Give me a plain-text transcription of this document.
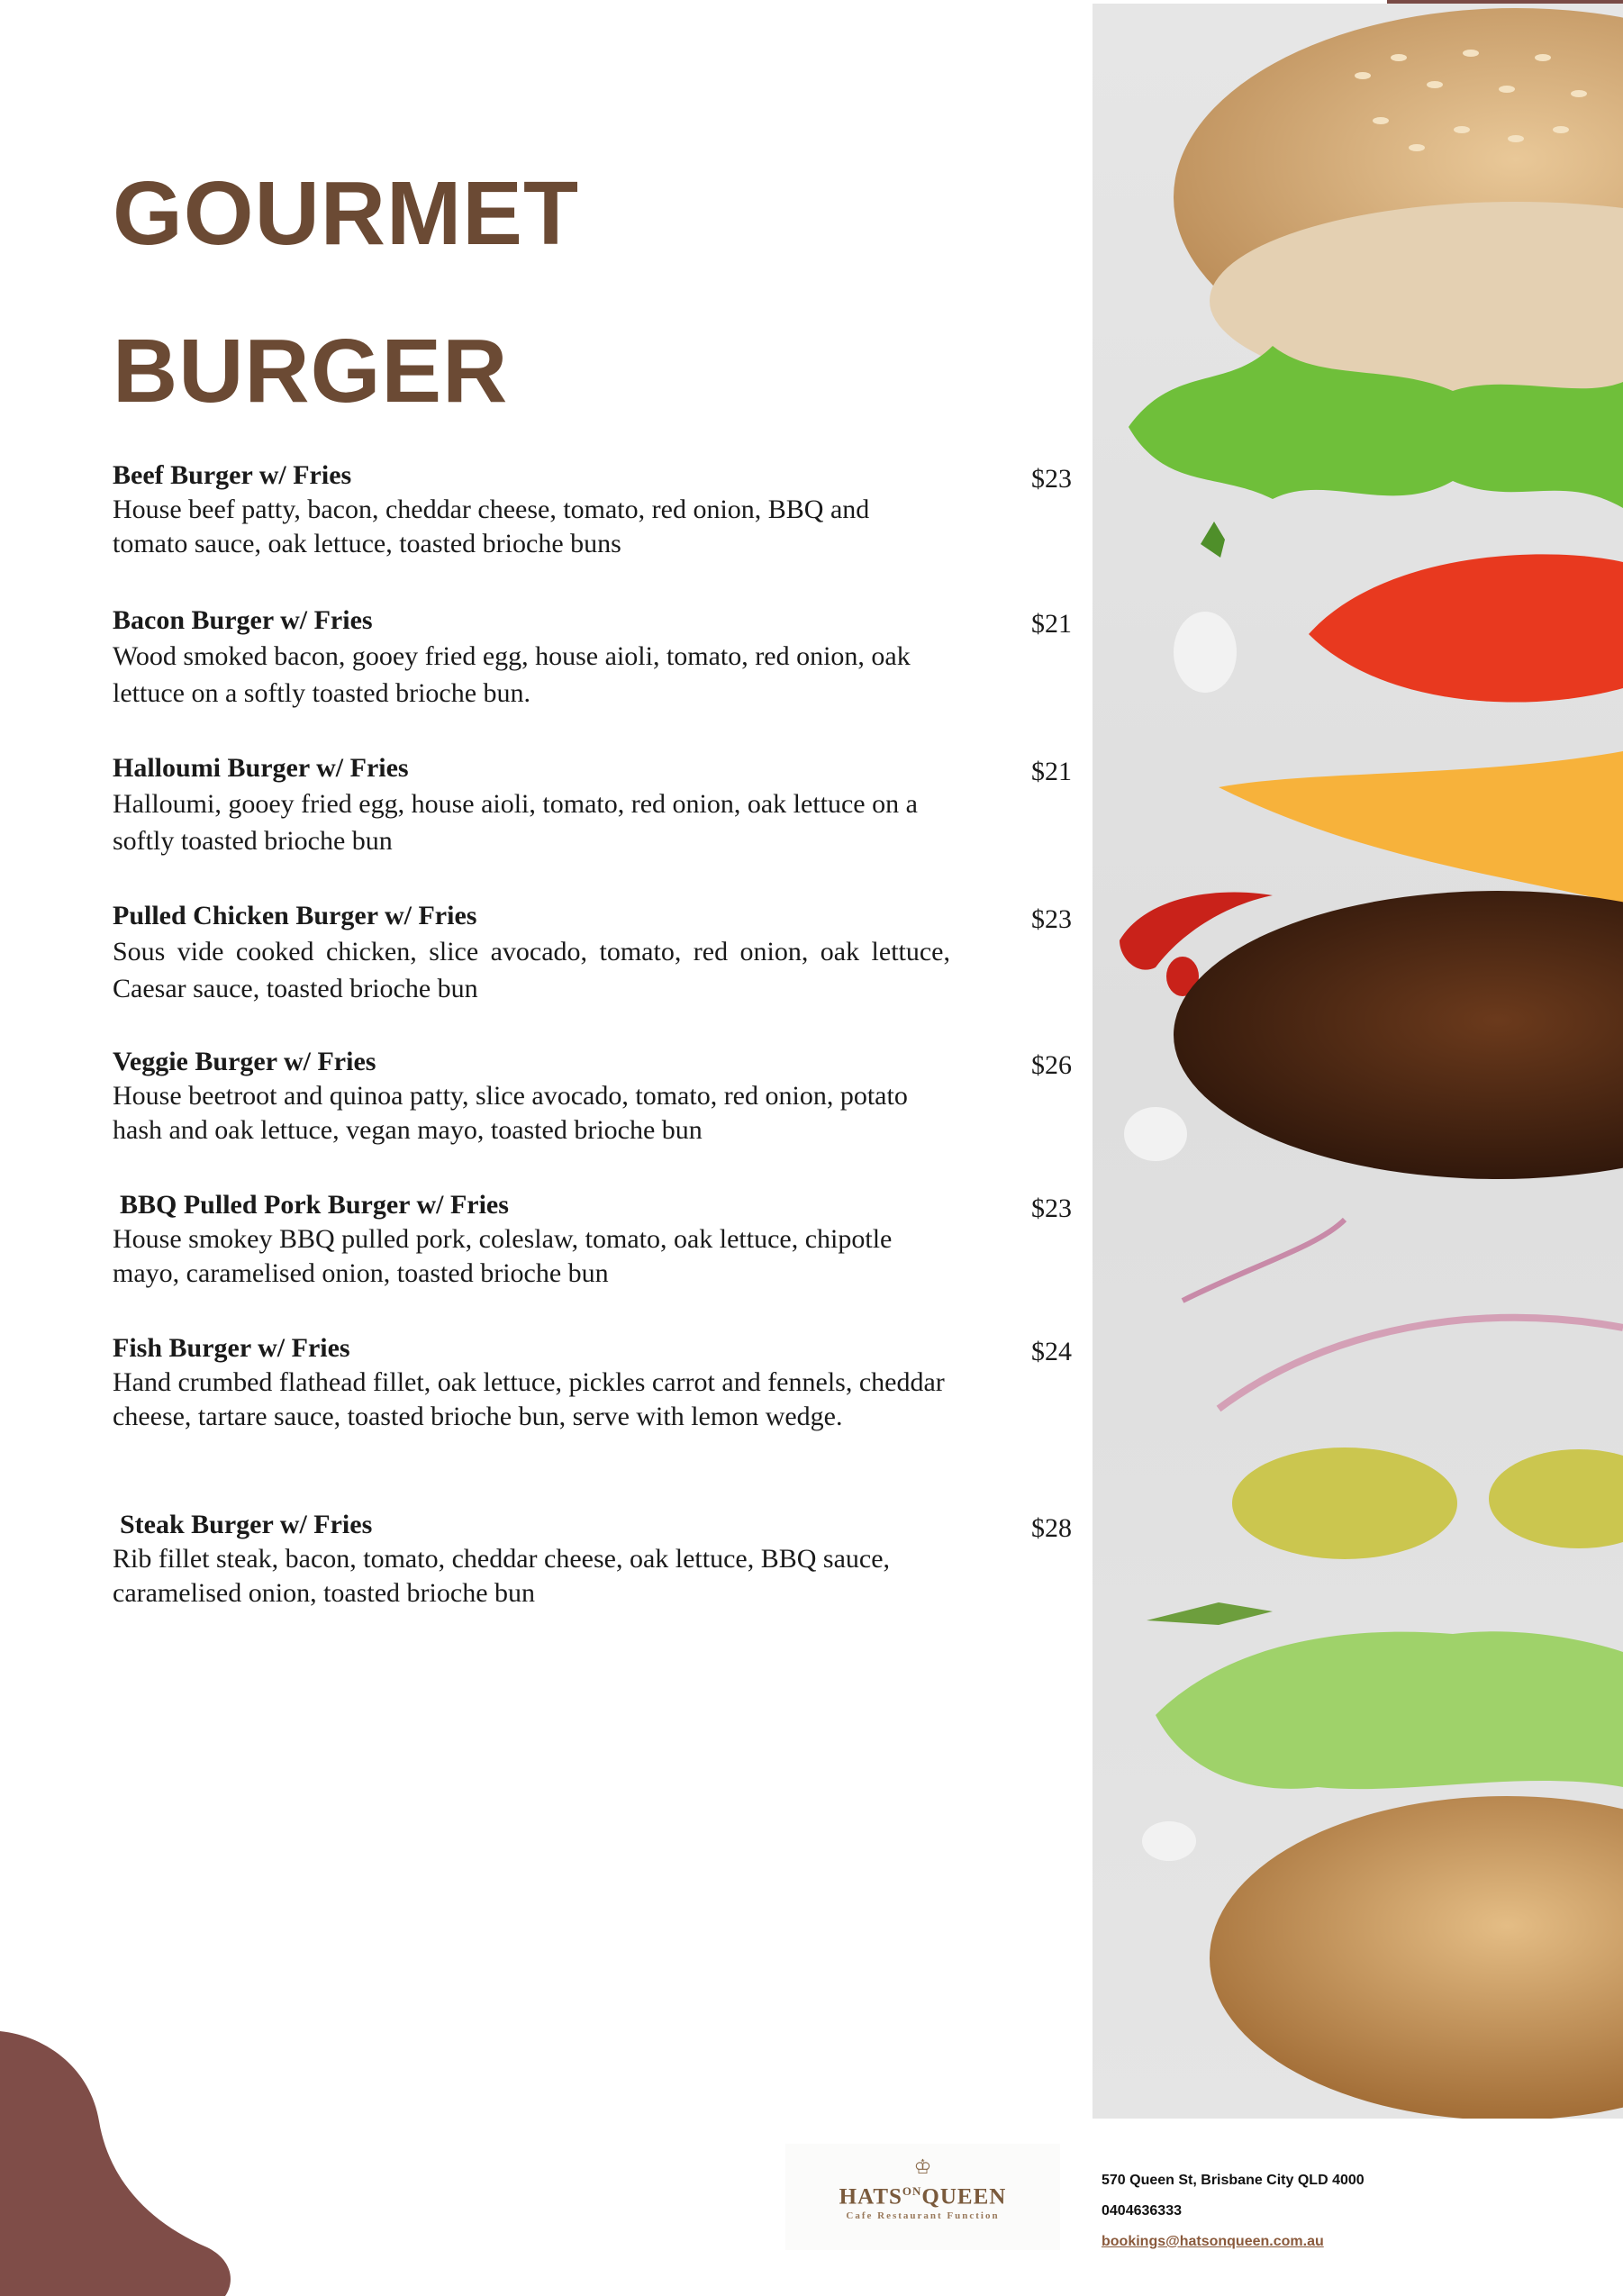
GOURMET
BURGER
Beef Burger w/ Fries
House beef patty, bacon, cheddar cheese, tomato, red onion, BBQ and tomato sauce, oak lettuce, toasted brioche buns
$23
Bacon Burger w/ Fries
Wood smoked bacon, gooey fried egg, house aioli, tomato, red onion, oak lettuce on a softly toasted brioche bun.
$21
Halloumi Burger w/ Fries
Halloumi, gooey fried egg, house aioli, tomato, red onion, oak lettuce on a softly toasted brioche bun
$21
Pulled Chicken Burger w/ Fries
Sous vide cooked chicken, slice avocado, tomato, red onion, oak lettuce, Caesar sauce, toasted brioche bun
$23
Veggie Burger w/ Fries
House beetroot and quinoa patty, slice avocado, tomato, red onion, potato hash and oak lettuce, vegan mayo, toasted brioche bun
$26
BBQ Pulled Pork Burger w/ Fries
House smokey BBQ pulled pork, coleslaw, tomato, oak lettuce, chipotle mayo, caramelised onion, toasted brioche bun
$23
Fish Burger w/ Fries
Hand crumbed flathead fillet, oak lettuce, pickles carrot and fennels, cheddar cheese, tartare sauce, toasted brioche bun, serve with lemon wedge.
$24
Steak Burger w/ Fries
Rib fillet steak, bacon, tomato, cheddar cheese, oak lettuce, BBQ sauce, caramelised onion, toasted brioche bun
$28
♔
$HATS^{ON}QUEEN$
Cafe Restaurant Function
570 Queen St, Brisbane City QLD 4000
0404636333
bookings@hatsonqueen.com.au
